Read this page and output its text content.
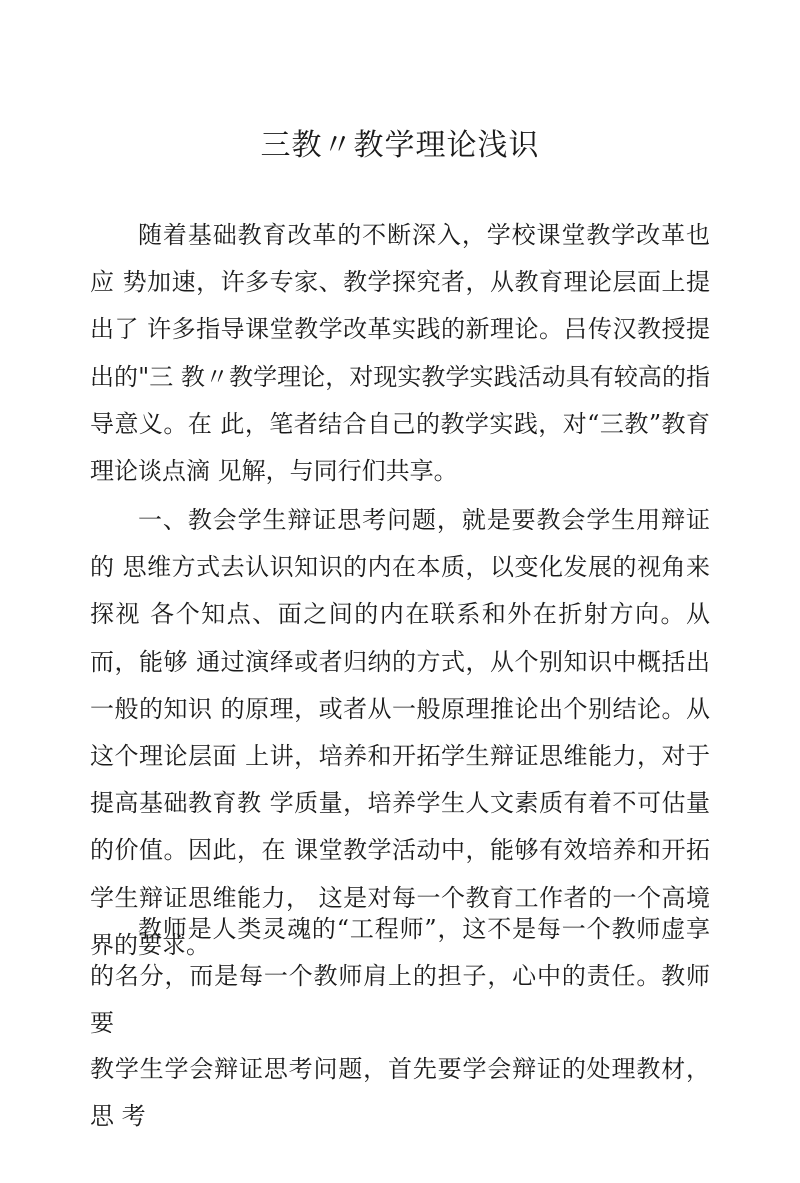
三教〃教学理论浅识

随着基础教育改革的不断深入，学校课堂教学改革也应 势加速，许多专家、教学探究者，从教育理论层面上提出了 许多指导课堂教学改革实践的新理论。吕传汉教授提出的"三 教〃教学理论，对现实教学实践活动具有较高的指导意义。在 此，笔者结合自己的教学实践，对“三教”教育理论谈点滴 见解，与同行们共享。

一、教会学生辩证思考问题，就是要教会学生用辩证的 思维方式去认识知识的内在本质，以变化发展的视角来探视 各个知点、面之间的内在联系和外在折射方向。从而，能够 通过演绎或者归纳的方式，从个别知识中概括出一般的知识 的原理，或者从一般原理推论出个别结论。从这个理论层面 上讲，培养和开拓学生辩证思维能力，对于提高基础教育教 学质量，培养学生人文素质有着不可估量的价值。因此，在 课堂教学活动中，能够有效培养和开拓学生辩证思维能力， 这是对每一个教育工作者的一个高境界的要求。

教师是人类灵魂的“工程师”，这不是每一个教师虚享 的名分，而是每一个教师肩上的担子，心中的责任。教师要

教学生学会辩证思考问题，首先要学会辩证的处理教材，思 考
